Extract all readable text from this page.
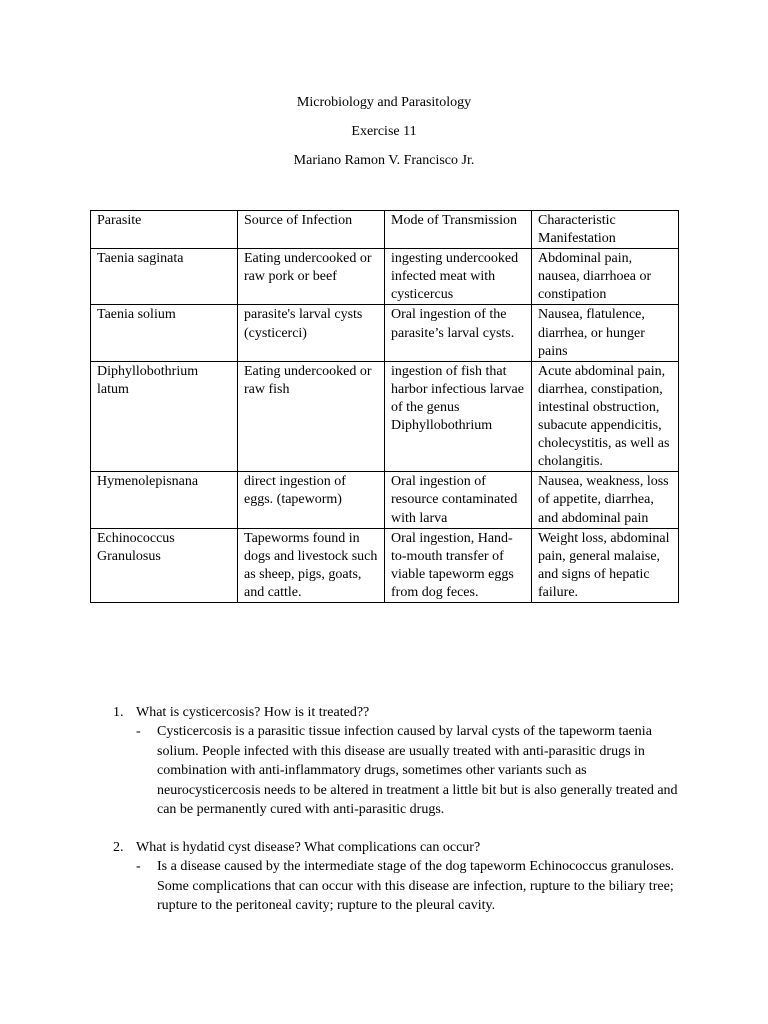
Microbiology and Parasitology
Exercise 11
Mariano Ramon V. Francisco Jr.
Parasite	Source of Infection	Mode of Transmission	Characteristic Manifestation
Taenia saginata	Eating undercooked or raw pork or beef	ingesting undercooked infected meat with cysticercus	Abdominal pain, nausea, diarrhoea or constipation
Taenia solium	parasite's larval cysts (cysticerci)	Oral ingestion of the parasite’s larval cysts.	Nausea, flatulence, diarrhea, or hunger pains
Diphyllobothrium latum	Eating undercooked or raw fish	ingestion of fish that harbor infectious larvae of the genus Diphyllobothrium	Acute abdominal pain, diarrhea, constipation, intestinal obstruction, subacute appendicitis, cholecystitis, as well as cholangitis.
Hymenolepisnana	direct ingestion of eggs. (tapeworm)	Oral ingestion of resource contaminated with larva	Nausea, weakness, loss of appetite, diarrhea, and abdominal pain
Echinococcus Granulosus	Tapeworms found in dogs and livestock such as sheep, pigs, goats, and cattle.	Oral ingestion, Hand-to-mouth transfer of viable tapeworm eggs from dog feces.	Weight loss, abdominal pain, general malaise, and signs of hepatic failure.
1. What is cysticercosis? How is it treated??
- Cysticercosis is a parasitic tissue infection caused by larval cysts of the tapeworm taenia solium. People infected with this disease are usually treated with anti-parasitic drugs in combination with anti-inflammatory drugs, sometimes other variants such as neurocysticercosis needs to be altered in treatment a little bit but is also generally treated and can be permanently cured with anti-parasitic drugs.
2. What is hydatid cyst disease? What complications can occur?
- Is a disease caused by the intermediate stage of the dog tapeworm Echinococcus granuloses. Some complications that can occur with this disease are infection, rupture to the biliary tree; rupture to the peritoneal cavity; rupture to the pleural cavity.
